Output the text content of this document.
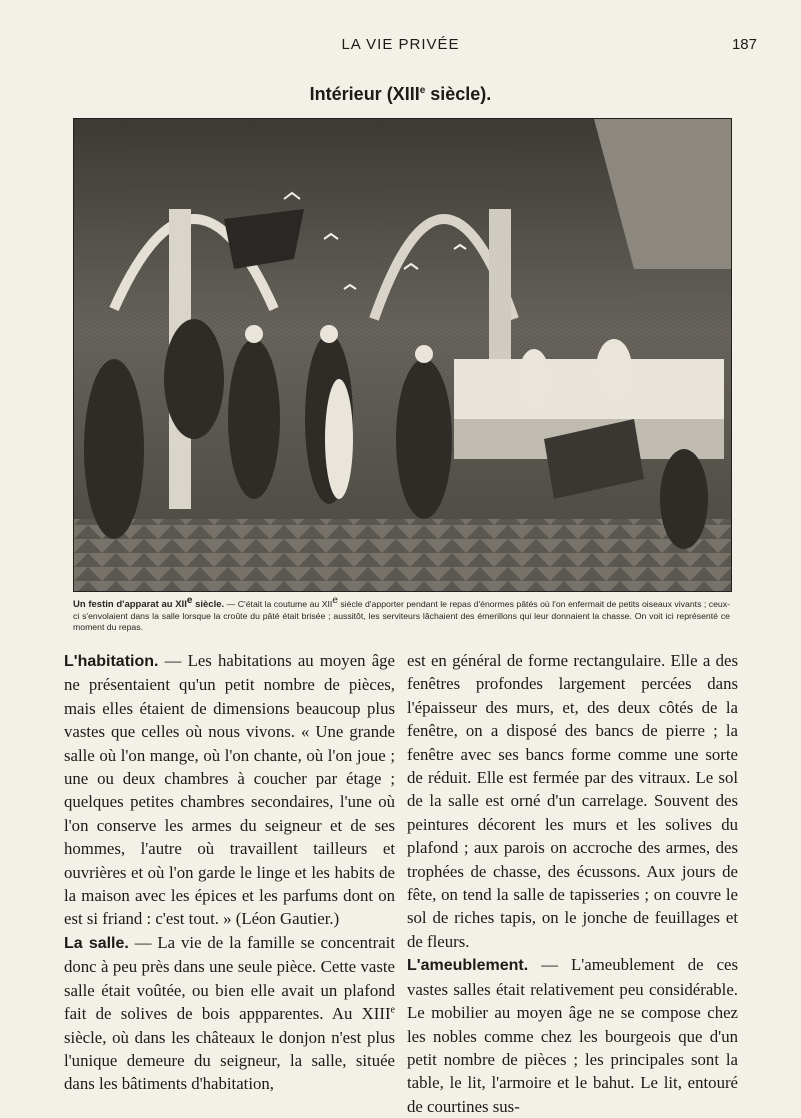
LA VIE PRIVÉE	187
Intérieur (XIIIe siècle).
Un festin d'apparat au XIIe siècle. — C'était la coutume au XIIe siècle d'apporter pendant le repas d'énormes pâtés où l'on enfermait de petits oiseaux vivants ; ceux-ci s'envolaient dans la salle lorsque la croûte du pâté était brisée ; aussitôt, les serviteurs lâchaient des émerillons qui leur donnaient la chasse. On voit ici représenté ce moment du repas.

L'habitation. — Les habitations au moyen âge ne présentaient qu'un petit nombre de pièces, mais elles étaient de dimensions beaucoup plus vastes que celles où nous vivons. « Une grande salle où l'on mange, où l'on chante, où l'on joue ; une ou deux chambres à coucher par étage ; quelques petites chambres secondaires, l'une où l'on conserve les armes du seigneur et de ses hommes, l'autre où travaillent tailleurs et ouvrières et où l'on garde le linge et les habits de la maison avec les épices et les parfums dont on est si friand : c'est tout. » (Léon Gautier.)

La salle. — La vie de la famille se concentrait donc à peu près dans une seule pièce. Cette vaste salle était voûtée, ou bien elle avait un plafond fait de solives de bois appparentes. Au XIIIe siècle, où dans les châteaux le donjon n'est plus l'unique demeure du seigneur, la salle, située dans les bâtiments d'habitation,

est en général de forme rectangulaire. Elle a des fenêtres profondes largement percées dans l'épaisseur des murs, et, des deux côtés de la fenêtre, on a disposé des bancs de pierre ; la fenêtre avec ses bancs forme comme une sorte de réduit. Elle est fermée par des vitraux. Le sol de la salle est orné d'un carrelage. Souvent des peintures décorent les murs et les solives du plafond ; aux parois on accroche des armes, des trophées de chasse, des écussons. Aux jours de fête, on tend la salle de tapisseries ; on couvre le sol de riches tapis, on le jonche de feuillages et de fleurs.

L'ameublement. — L'ameublement de ces vastes salles était relativement peu considérable. Le mobilier au moyen âge ne se compose chez les nobles comme chez les bourgeois que d'un petit nombre de pièces ; les principales sont la table, le lit, l'armoire et le bahut. Le lit, entouré de courtines sus-
